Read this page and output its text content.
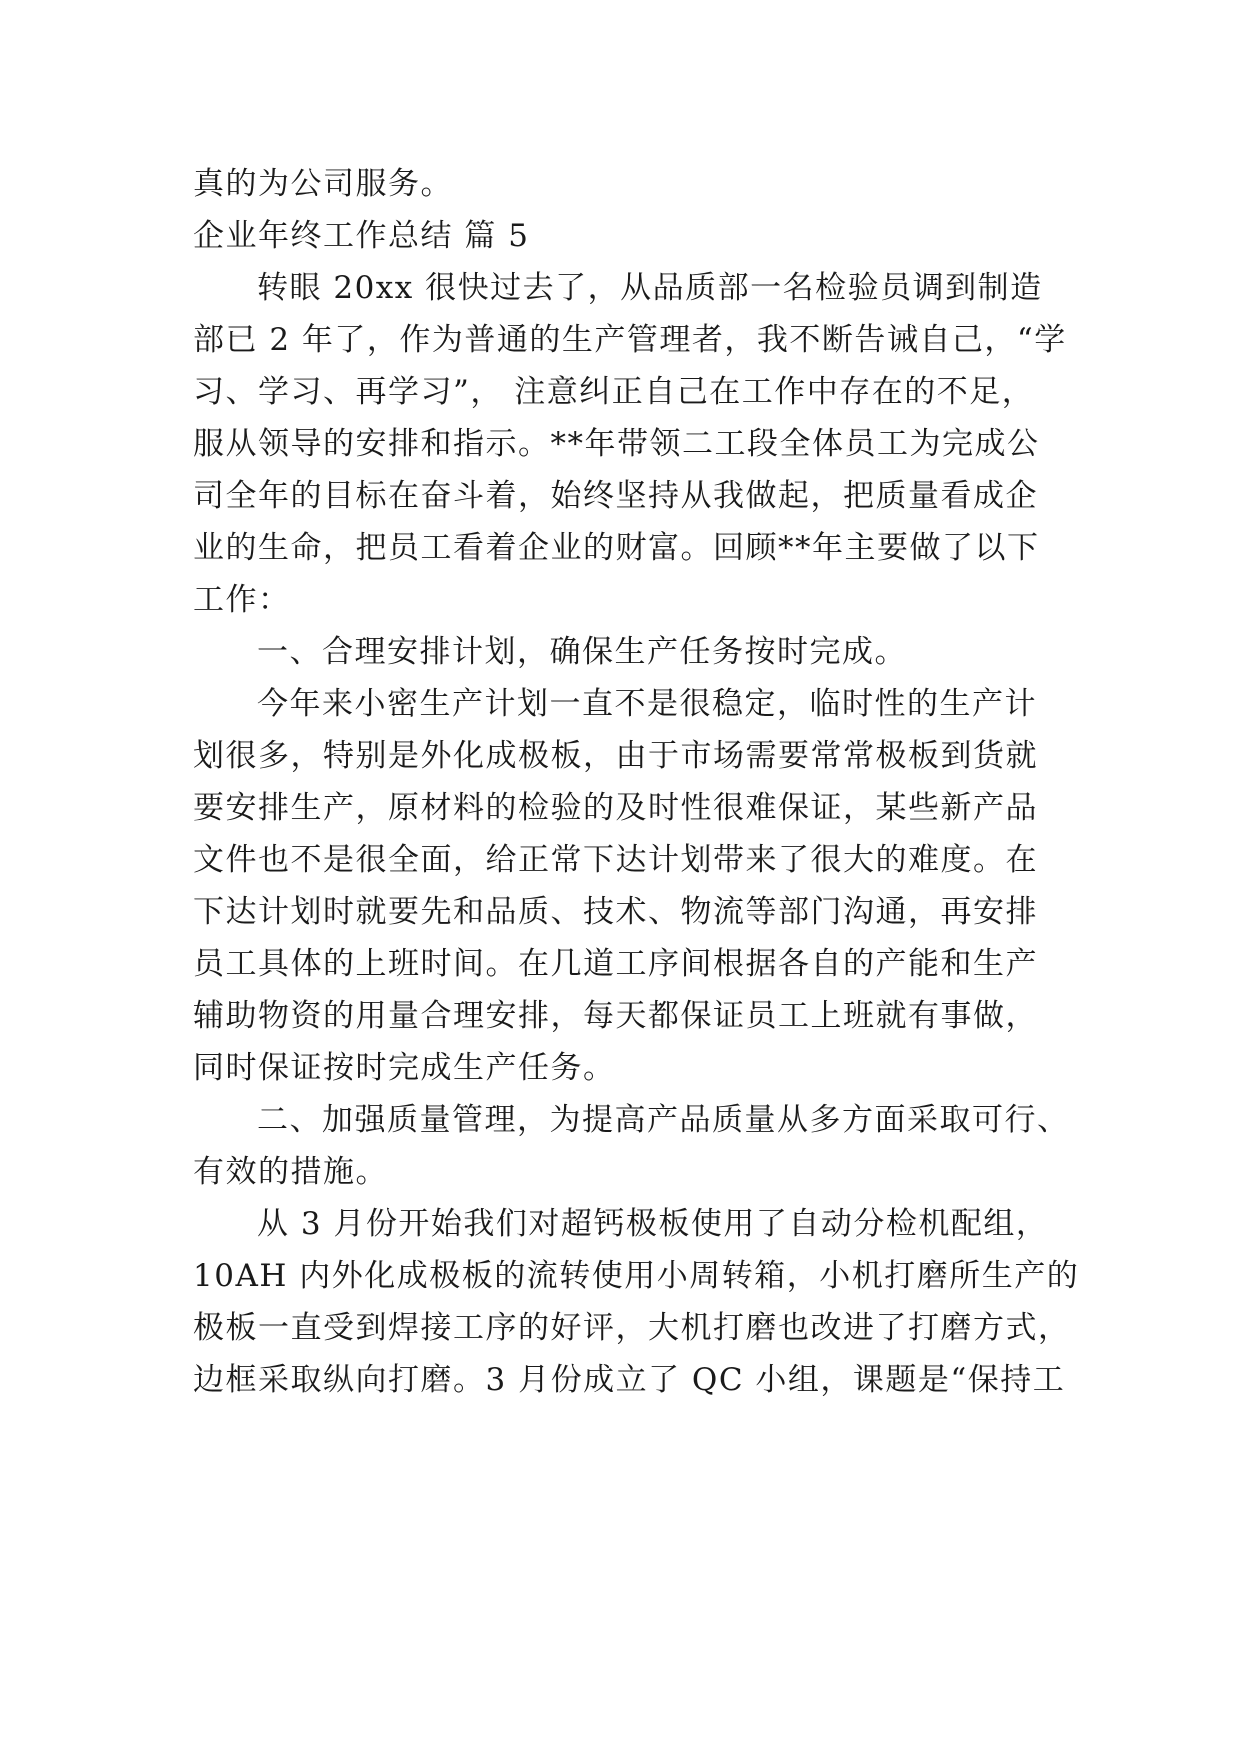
真的为公司服务。

企业年终工作总结 篇 5

转眼 20xx 很快过去了，从品质部一名检验员调到制造

部已 2 年了，作为普通的生产管理者，我不断告诫自己，“学

习、学习、再学习”， 注意纠正自己在工作中存在的不足，

服从领导的安排和指示。**年带领二工段全体员工为完成公

司全年的目标在奋斗着，始终坚持从我做起，把质量看成企

业的生命，把员工看着企业的财富。回顾**年主要做了以下

工作：

一、合理安排计划，确保生产任务按时完成。

今年来小密生产计划一直不是很稳定，临时性的生产计

划很多，特别是外化成极板，由于市场需要常常极板到货就

要安排生产，原材料的检验的及时性很难保证，某些新产品

文件也不是很全面，给正常下达计划带来了很大的难度。在

下达计划时就要先和品质、技术、物流等部门沟通，再安排

员工具体的上班时间。在几道工序间根据各自的产能和生产

辅助物资的用量合理安排，每天都保证员工上班就有事做，

同时保证按时完成生产任务。

二、加强质量管理，为提高产品质量从多方面采取可行、

有效的措施。

从 3 月份开始我们对超钙极板使用了自动分检机配组，

10AH 内外化成极板的流转使用小周转箱，小机打磨所生产的

极板一直受到焊接工序的好评，大机打磨也改进了打磨方式，

边框采取纵向打磨。3 月份成立了 QC 小组，课题是“保持工
